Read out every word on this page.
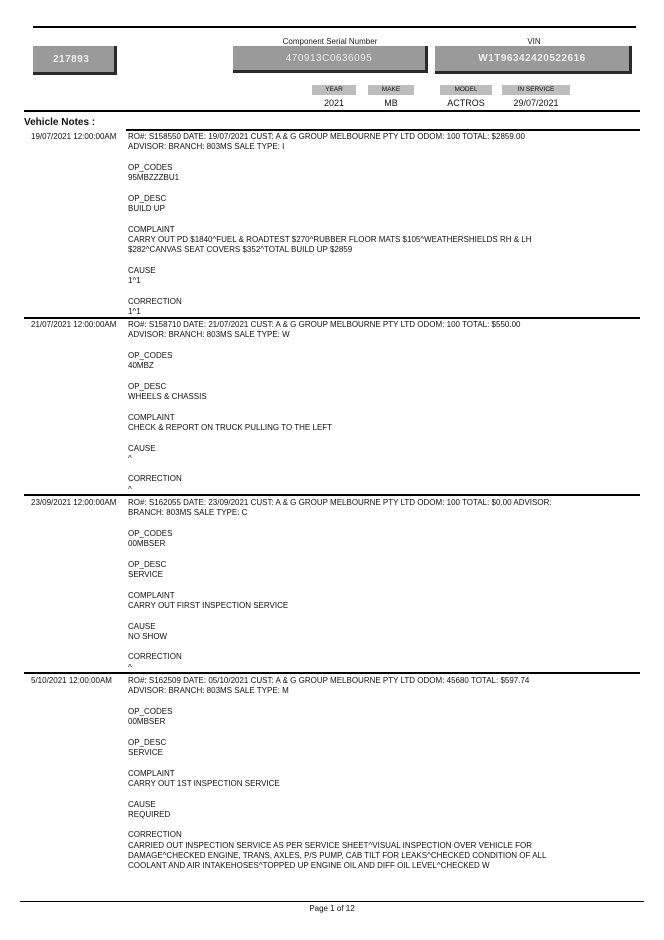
Component Serial Number	VIN
217893	470913C0636095	W1T96342420522616
YEAR	MAKE	MODEL	IN SERVICE
2021	MB	ACTROS	29/07/2021
Vehicle Notes :
19/07/2021 12:00:00AM RO#: S158550 DATE: 19/07/2021 CUST: A & G GROUP MELBOURNE PTY LTD ODOM: 100 TOTAL: $2859.00
ADVISOR: BRANCH: 803MS SALE TYPE: I

OP_CODES
95MBZZZBU1

OP_DESC
BUILD UP

COMPLAINT
CARRY OUT PD $1840^FUEL & ROADTEST $270^RUBBER FLOOR MATS $105^WEATHERSHIELDS RH & LH
$282^CANVAS SEAT COVERS $352^TOTAL BUILD UP $2859

CAUSE
1^1

CORRECTION
1^1

21/07/2021 12:00:00AM RO#: S158710 DATE: 21/07/2021 CUST: A & G GROUP MELBOURNE PTY LTD ODOM: 100 TOTAL: $550.00
ADVISOR: BRANCH: 803MS SALE TYPE: W

OP_CODES
40MBZ

OP_DESC
WHEELS & CHASSIS

COMPLAINT
CHECK & REPORT ON TRUCK PULLING TO THE LEFT

CAUSE
^

CORRECTION
^

23/09/2021 12:00:00AM RO#: S162055 DATE: 23/09/2021 CUST: A & G GROUP MELBOURNE PTY LTD ODOM: 100 TOTAL: $0.00 ADVISOR:
BRANCH: 803MS SALE TYPE: C

OP_CODES
00MBSER

OP_DESC
SERVICE

COMPLAINT
CARRY OUT FIRST INSPECTION SERVICE

CAUSE
NO SHOW

CORRECTION
^

5/10/2021 12:00:00AM RO#: S162509 DATE: 05/10/2021 CUST: A & G GROUP MELBOURNE PTY LTD ODOM: 45680 TOTAL: $597.74
ADVISOR: BRANCH: 803MS SALE TYPE: M

OP_CODES
00MBSER

OP_DESC
SERVICE

COMPLAINT
CARRY OUT 1ST INSPECTION SERVICE

CAUSE
REQUIRED

CORRECTION
CARRIED OUT INSPECTION SERVICE AS PER SERVICE SHEET^VISUAL INSPECTION OVER VEHICLE FOR
DAMAGE^CHECKED ENGINE, TRANS, AXLES, P/S PUMP, CAB TILT FOR LEAKS^CHECKED CONDITION OF ALL
COOLANT AND AIR INTAKEHOSES^TOPPED UP ENGINE OIL AND DIFF OIL LEVEL^CHECKED W

Page 1 of 12
